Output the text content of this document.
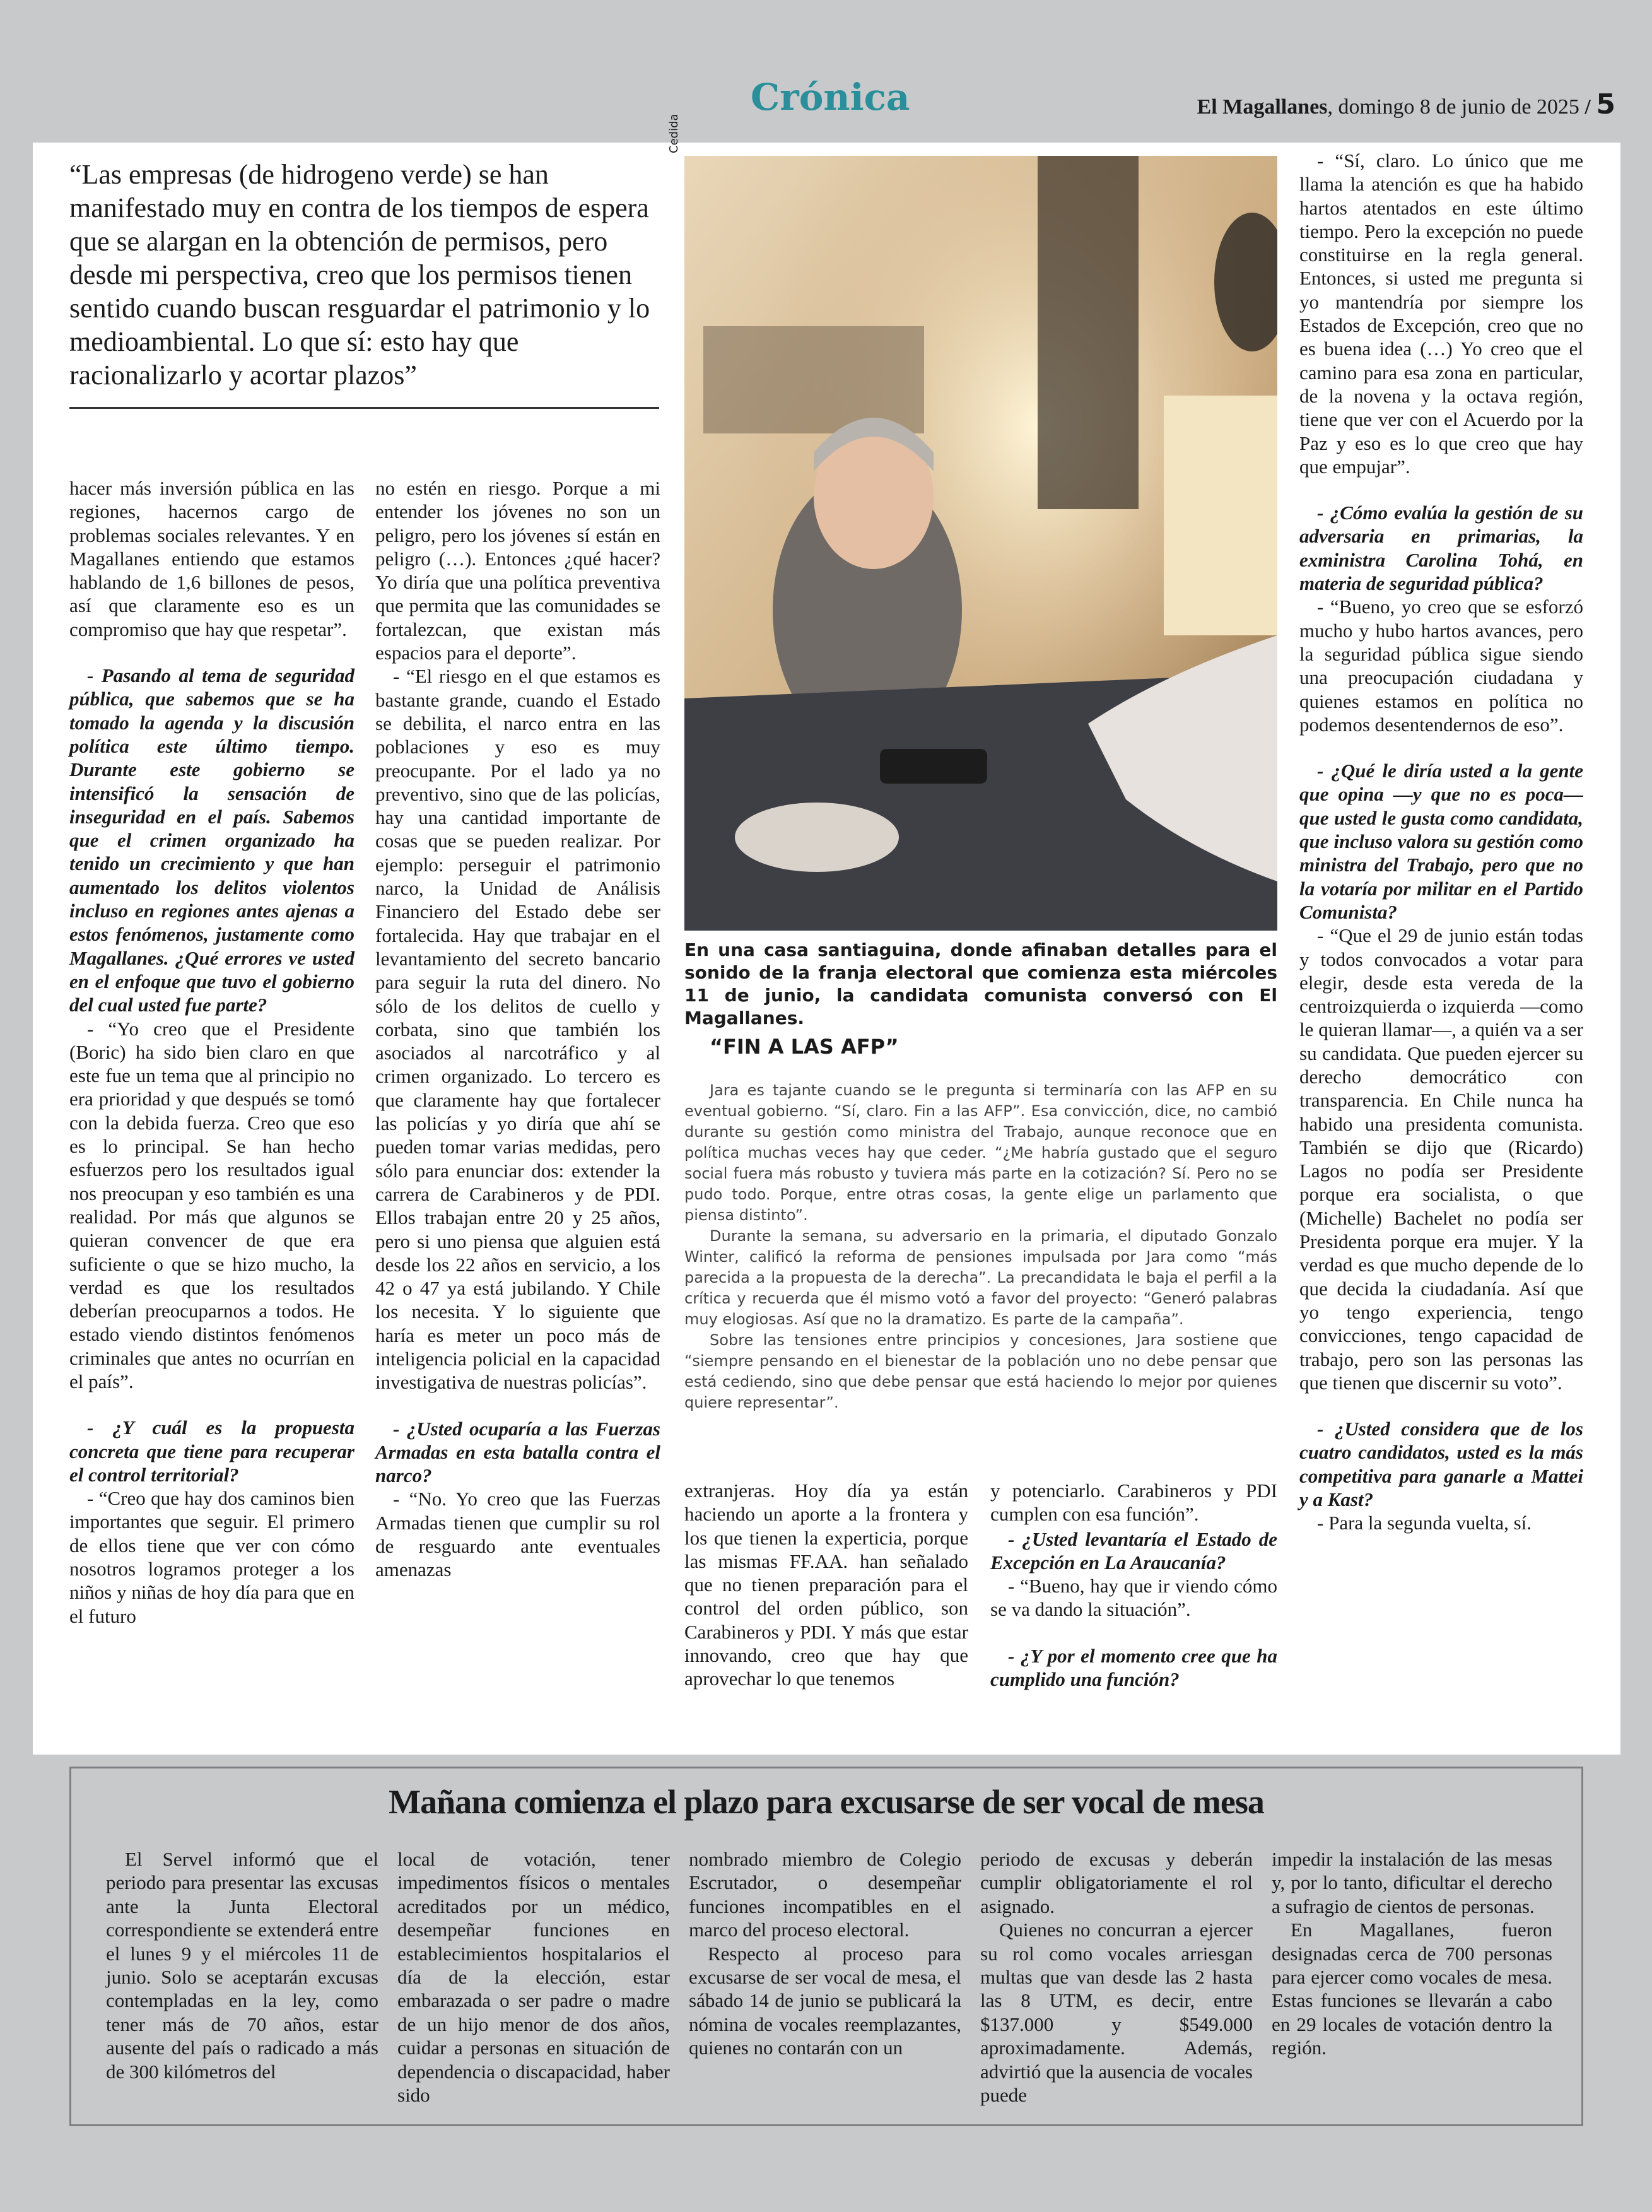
Crónica	El Magallanes, domingo 8 de junio de 2025 / 5
“Las empresas (de hidrogeno verde) se han manifestado muy en contra de los tiempos de espera que se alargan en la obtención de permisos, pero desde mi perspectiva, creo que los permisos tienen sentido cuando buscan resguardar el patrimonio y lo medioambiental. Lo que sí: esto hay que racionalizarlo y acortar plazos”
Cedida
En una casa santiaguina, donde afinaban detalles para el sonido de la franja electoral que comienza esta miércoles 11 de junio, la candidata comunista conversó con El Magallanes.
“FIN A LAS AFP”

Jara es tajante cuando se le pregunta si terminaría con las AFP en su eventual gobierno. “Sí, claro. Fin a las AFP”. Esa convicción, dice, no cambió durante su gestión como ministra del Trabajo, aunque reconoce que en política muchas veces hay que ceder. “¿Me habría gustado que el seguro social fuera más robusto y tuviera más parte en la cotización? Sí. Pero no se pudo todo. Porque, entre otras cosas, la gente elige un parlamento que piensa distinto”.

Durante la semana, su adversario en la primaria, el diputado Gonzalo Winter, calificó la reforma de pensiones impulsada por Jara como “más parecida a la propuesta de la derecha”. La precandidata le baja el perfil a la crítica y recuerda que él mismo votó a favor del proyecto: “Generó palabras muy elogiosas. Así que no la dramatizo. Es parte de la campaña”.

Sobre las tensiones entre principios y concesiones, Jara sostiene que “siempre pensando en el bienestar de la población uno no debe pensar que está cediendo, sino que debe pensar que está haciendo lo mejor por quienes quiere representar”.

hacer más inversión pública en las regiones, hacernos cargo de problemas sociales relevantes. Y en Magallanes entiendo que estamos hablando de 1,6 billones de pesos, así que claramente eso es un compromiso que hay que respetar”.

- Pasando al tema de seguridad pública, que sabemos que se ha tomado la agenda y la discusión política este último tiempo. Durante este gobierno se intensificó la sensación de inseguridad en el país. Sabemos que el crimen organizado ha tenido un crecimiento y que han aumentado los delitos violentos incluso en regiones antes ajenas a estos fenómenos, justamente como Magallanes. ¿Qué errores ve usted en el enfoque que tuvo el gobierno del cual usted fue parte?

- “Yo creo que el Presidente (Boric) ha sido bien claro en que este fue un tema que al principio no era prioridad y que después se tomó con la debida fuerza. Creo que eso es lo principal. Se han hecho esfuerzos pero los resultados igual nos preocupan y eso también es una realidad. Por más que algunos se quieran convencer de que era suficiente o que se hizo mucho, la verdad es que los resultados deberían preocuparnos a todos. He estado viendo distintos fenómenos criminales que antes no ocurrían en el país”.

- ¿Y cuál es la propuesta concreta que tiene para recuperar el control territorial?

- “Creo que hay dos caminos bien importantes que seguir. El primero de ellos tiene que ver con cómo nosotros logramos proteger a los niños y niñas de hoy día para que en el futuro

no estén en riesgo. Porque a mi entender los jóvenes no son un peligro, pero los jóvenes sí están en peligro (…). Entonces ¿qué hacer? Yo diría que una política preventiva que permita que las comunidades se fortalezcan, que existan más espacios para el deporte”.

- “El riesgo en el que estamos es bastante grande, cuando el Estado se debilita, el narco entra en las poblaciones y eso es muy preocupante. Por el lado ya no preventivo, sino que de las policías, hay una cantidad importante de cosas que se pueden realizar. Por ejemplo: perseguir el patrimonio narco, la Unidad de Análisis Financiero del Estado debe ser fortalecida. Hay que trabajar en el levantamiento del secreto bancario para seguir la ruta del dinero. No sólo de los delitos de cuello y corbata, sino que también los asociados al narcotráfico y al crimen organizado. Lo tercero es que claramente hay que fortalecer las policías y yo diría que ahí se pueden tomar varias medidas, pero sólo para enunciar dos: extender la carrera de Carabineros y de PDI. Ellos trabajan entre 20 y 25 años, pero si uno piensa que alguien está desde los 22 años en servicio, a los 42 o 47 ya está jubilando. Y Chile los necesita. Y lo siguiente que haría es meter un poco más de inteligencia policial en la capacidad investigativa de nuestras policías”.

- ¿Usted ocuparía a las Fuerzas Armadas en esta batalla contra el narco?

- “No. Yo creo que las Fuerzas Armadas tienen que cumplir su rol de resguardo ante eventuales amenazas

extranjeras. Hoy día ya están haciendo un aporte a la frontera y los que tienen la experticia, porque las mismas FF.AA. han señalado que no tienen preparación para el control del orden público, son Carabineros y PDI. Y más que estar innovando, creo que hay que aprovechar lo que tenemos

y potenciarlo. Carabineros y PDI cumplen con esa función”.

- ¿Usted levantaría el Estado de Excepción en La Araucanía?

- “Bueno, hay que ir viendo cómo se va dando la situación”.

- ¿Y por el momento cree que ha cumplido una función?

- “Sí, claro. Lo único que me llama la atención es que ha habido hartos atentados en este último tiempo. Pero la excepción no puede constituirse en la regla general. Entonces, si usted me pregunta si yo mantendría por siempre los Estados de Excepción, creo que no es buena idea (…) Yo creo que el camino para esa zona en particular, de la novena y la octava región, tiene que ver con el Acuerdo por la Paz y eso es lo que creo que hay que empujar”.

- ¿Cómo evalúa la gestión de su adversaria en primarias, la exministra Carolina Tohá, en materia de seguridad pública?

- “Bueno, yo creo que se esforzó mucho y hubo hartos avances, pero la seguridad pública sigue siendo una preocupación ciudadana y quienes estamos en política no podemos desentendernos de eso”.

- ¿Qué le diría usted a la gente que opina —y que no es poca— que usted le gusta como candidata, que incluso valora su gestión como ministra del Trabajo, pero que no la votaría por militar en el Partido Comunista?

- “Que el 29 de junio están todas y todos convocados a votar para elegir, desde esta vereda de la centroizquierda o izquierda —como le quieran llamar—, a quién va a ser su candidata. Que pueden ejercer su derecho democrático con transparencia. En Chile nunca ha habido una presidenta comunista. También se dijo que (Ricardo) Lagos no podía ser Presidente porque era socialista, o que (Michelle) Bachelet no podía ser Presidenta porque era mujer. Y la verdad es que mucho depende de lo que decida la ciudadanía. Así que yo tengo experiencia, tengo convicciones, tengo capacidad de trabajo, pero son las personas las que tienen que discernir su voto”.

- ¿Usted considera que de los cuatro candidatos, usted es la más competitiva para ganarle a Mattei y a Kast?

- Para la segunda vuelta, sí.

Mañana comienza el plazo para excusarse de ser vocal de mesa

El Servel informó que el periodo para presentar las excusas ante la Junta Electoral correspondiente se extenderá entre el lunes 9 y el miércoles 11 de junio. Solo se aceptarán excusas contempladas en la ley, como tener más de 70 años, estar ausente del país o radicado a más de 300 kilómetros del

local de votación, tener impedimentos físicos o mentales acreditados por un médico, desempeñar funciones en establecimientos hospitalarios el día de la elección, estar embarazada o ser padre o madre de un hijo menor de dos años, cuidar a personas en situación de dependencia o discapacidad, haber sido

nombrado miembro de Colegio Escrutador, o desempeñar funciones incompatibles en el marco del proceso electoral.

Respecto al proceso para excusarse de ser vocal de mesa, el sábado 14 de junio se publicará la nómina de vocales reemplazantes, quienes no contarán con un

periodo de excusas y deberán cumplir obligatoriamente el rol asignado.

Quienes no concurran a ejercer su rol como vocales arriesgan multas que van desde las 2 hasta las 8 UTM, es decir, entre $137.000 y $549.000 aproximadamente. Además, advirtió que la ausencia de vocales puede

impedir la instalación de las mesas y, por lo tanto, dificultar el derecho a sufragio de cientos de personas.

En Magallanes, fueron designadas cerca de 700 personas para ejercer como vocales de mesa. Estas funciones se llevarán a cabo en 29 locales de votación dentro la región.
